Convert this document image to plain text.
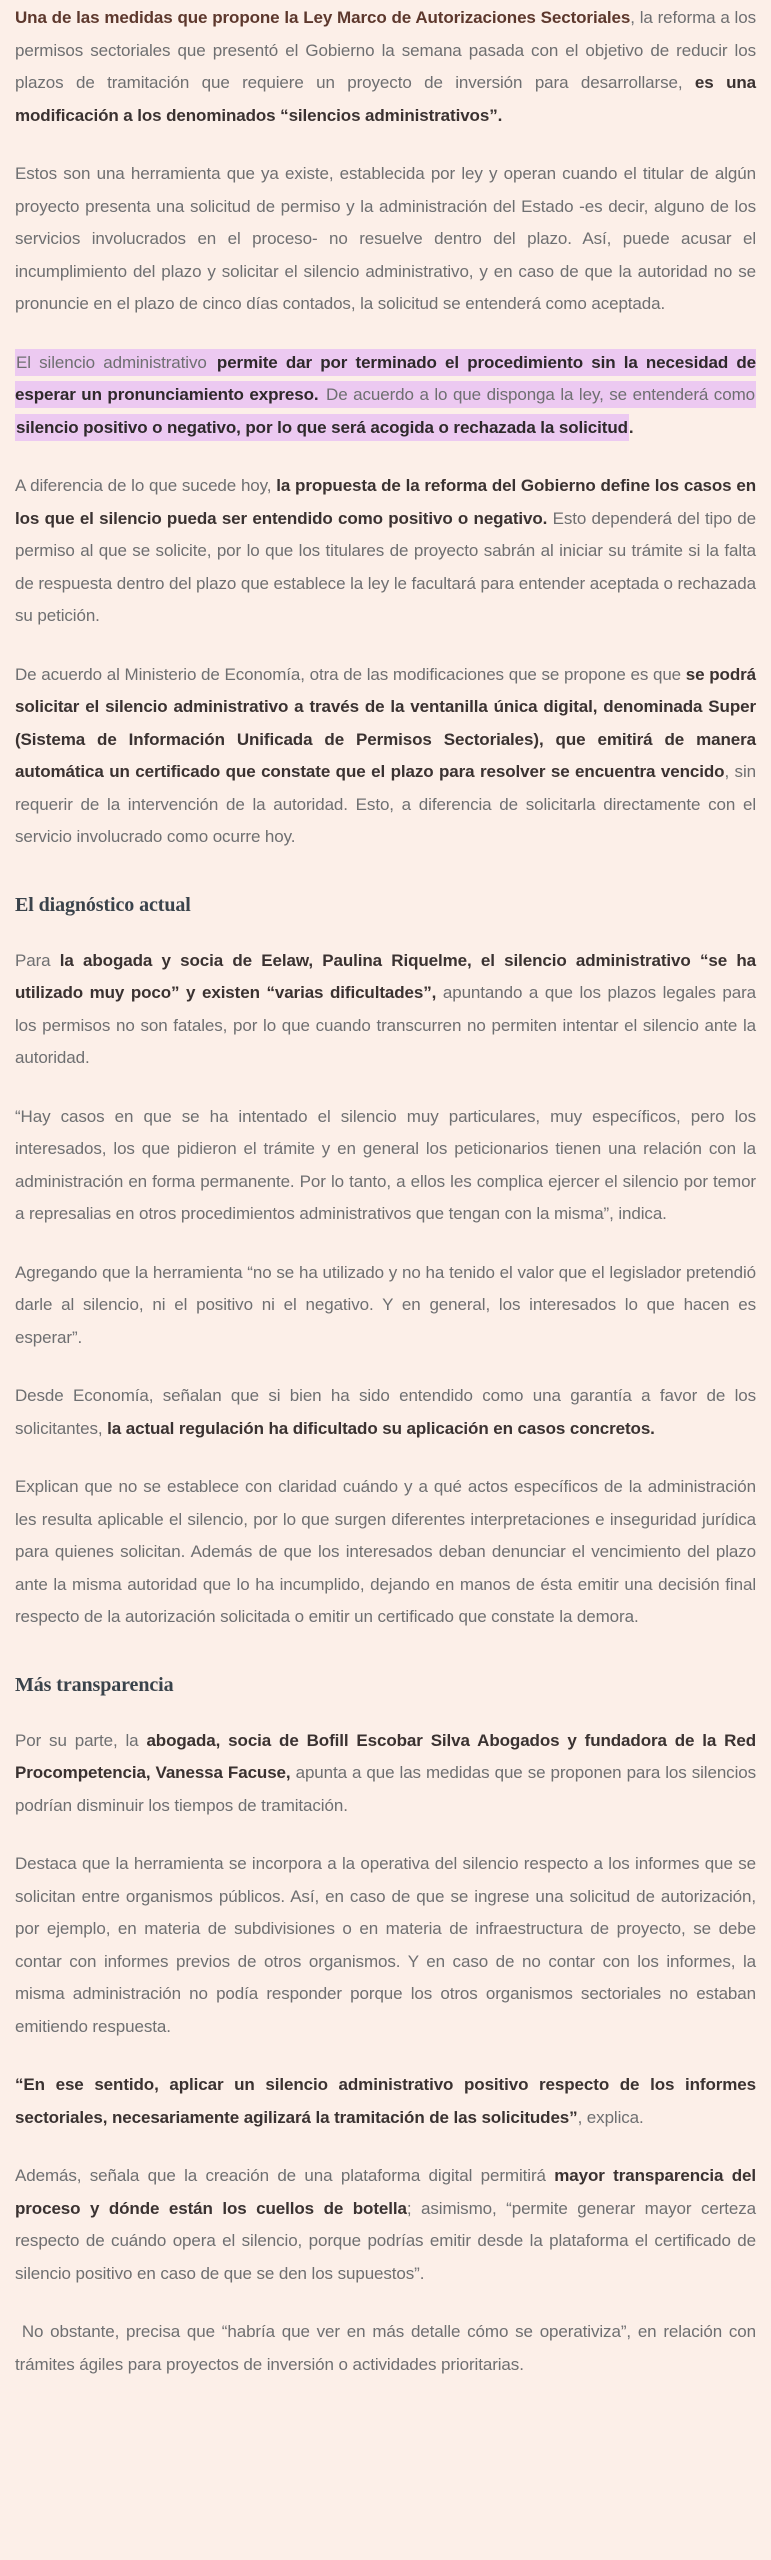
Una de las medidas que propone la Ley Marco de Autorizaciones Sectoriales, la reforma a los permisos sectoriales que presentó el Gobierno la semana pasada con el objetivo de reducir los plazos de tramitación que requiere un proyecto de inversión para desarrollarse, es una modificación a los denominados “silencios administrativos”.

Estos son una herramienta que ya existe, establecida por ley y operan cuando el titular de algún proyecto presenta una solicitud de permiso y la administración del Estado -es decir, alguno de los servicios involucrados en el proceso- no resuelve dentro del plazo. Así, puede acusar el incumplimiento del plazo y solicitar el silencio administrativo, y en caso de que la autoridad no se pronuncie en el plazo de cinco días contados, la solicitud se entenderá como aceptada.

El silencio administrativo permite dar por terminado el procedimiento sin la necesidad de esperar un pronunciamiento expreso. De acuerdo a lo que disponga la ley, se entenderá como silencio positivo o negativo, por lo que será acogida o rechazada la solicitud.

A diferencia de lo que sucede hoy, la propuesta de la reforma del Gobierno define los casos en los que el silencio pueda ser entendido como positivo o negativo. Esto dependerá del tipo de permiso al que se solicite, por lo que los titulares de proyecto sabrán al iniciar su trámite si la falta de respuesta dentro del plazo que establece la ley le facultará para entender aceptada o rechazada su petición.

De acuerdo al Ministerio de Economía, otra de las modificaciones que se propone es que se podrá solicitar el silencio administrativo a través de la ventanilla única digital, denominada Super (Sistema de Información Unificada de Permisos Sectoriales), que emitirá de manera automática un certificado que constate que el plazo para resolver se encuentra vencido, sin requerir de la intervención de la autoridad. Esto, a diferencia de solicitarla directamente con el servicio involucrado como ocurre hoy.

El diagnóstico actual

Para la abogada y socia de Eelaw, Paulina Riquelme, el silencio administrativo “se ha utilizado muy poco” y existen “varias dificultades”, apuntando a que los plazos legales para los permisos no son fatales, por lo que cuando transcurren no permiten intentar el silencio ante la autoridad.

“Hay casos en que se ha intentado el silencio muy particulares, muy específicos, pero los interesados, los que pidieron el trámite y en general los peticionarios tienen una relación con la administración en forma permanente. Por lo tanto, a ellos les complica ejercer el silencio por temor a represalias en otros procedimientos administrativos que tengan con la misma”, indica.

Agregando que la herramienta “no se ha utilizado y no ha tenido el valor que el legislador pretendió darle al silencio, ni el positivo ni el negativo. Y en general, los interesados lo que hacen es esperar”.

Desde Economía, señalan que si bien ha sido entendido como una garantía a favor de los solicitantes, la actual regulación ha dificultado su aplicación en casos concretos.

Explican que no se establece con claridad cuándo y a qué actos específicos de la administración les resulta aplicable el silencio, por lo que surgen diferentes interpretaciones e inseguridad jurídica para quienes solicitan. Además de que los interesados deban denunciar el vencimiento del plazo ante la misma autoridad que lo ha incumplido, dejando en manos de ésta emitir una decisión final respecto de la autorización solicitada o emitir un certificado que constate la demora.

Más transparencia

Por su parte, la abogada, socia de Bofill Escobar Silva Abogados y fundadora de la Red Procompetencia, Vanessa Facuse, apunta a que las medidas que se proponen para los silencios podrían disminuir los tiempos de tramitación.

Destaca que la herramienta se incorpora a la operativa del silencio respecto a los informes que se solicitan entre organismos públicos. Así, en caso de que se ingrese una solicitud de autorización, por ejemplo, en materia de subdivisiones o en materia de infraestructura de proyecto, se debe contar con informes previos de otros organismos. Y en caso de no contar con los informes, la misma administración no podía responder porque los otros organismos sectoriales no estaban emitiendo respuesta.

“En ese sentido, aplicar un silencio administrativo positivo respecto de los informes sectoriales, necesariamente agilizará la tramitación de las solicitudes”, explica.

Además, señala que la creación de una plataforma digital permitirá mayor transparencia del proceso y dónde están los cuellos de botella; asimismo, “permite generar mayor certeza respecto de cuándo opera el silencio, porque podrías emitir desde la plataforma el certificado de silencio positivo en caso de que se den los supuestos”.

No obstante, precisa que “habría que ver en más detalle cómo se operativiza”, en relación con trámites ágiles para proyectos de inversión o actividades prioritarias.
